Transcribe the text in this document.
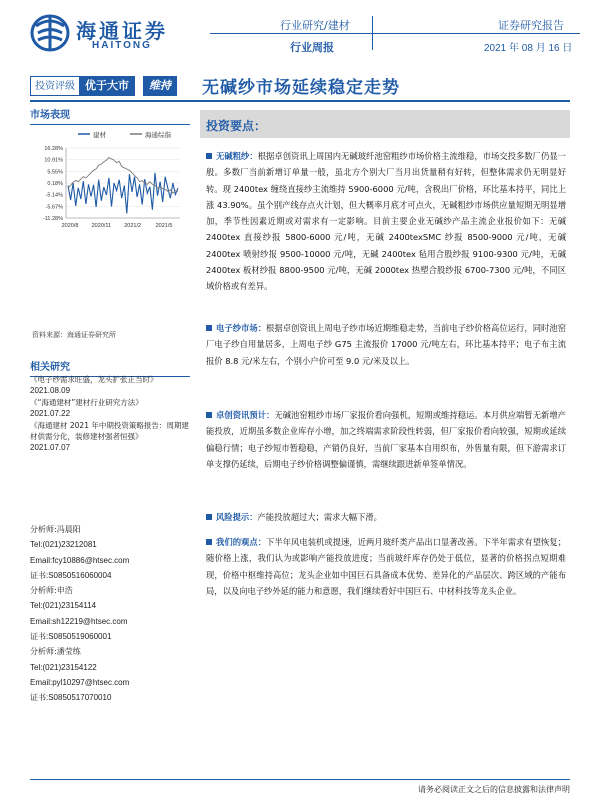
海通证券
HAITONG
行业研究/建材
行业周报
证券研究报告
2021 年 08 月 16 日
投资评级 优于大市	维持	无碱纱市场延续稳定走势
市场表现
建材	海通综指
16.28%
10.91%
5.55%
0.18%
-5.14%
-5.67%
-11.28%
2020/8 2020/11 2021/2	2021/5
资料来源：海通证券研究所
相关研究
《电子纱需求旺盛，龙头扩张正当时》
2021.08.09
《“海通建材”建材行业研究方法》
2021.07.22
《海通建材 2021 年中期投资策略报告：周期建材供需分化，装修建材强者恒强》
2021.07.07
分析师:冯晨阳
Tel:(021)23212081
Email:fcy10886@htsec.com
证书:S0850516060004
分析师:申浩
Tel:(021)23154114
Email:sh12219@htsec.com
证书:S0850519060001
分析师:潘莹练
Tel:(021)23154122
Email:pyl10297@htsec.com
证书:S0850517070010
投资要点：
无碱粗纱：根据卓创资讯上周国内无碱玻纤池窑粗纱市场价格主流维稳，市场交投多数厂仍显一般。多数厂当前新增订单量一般，虽北方个别大厂当月出货量稍有好转，但整体需求仍无明显好转。现 2400tex 缠绕直接纱主流维持 5900-6000 元/吨，含税出厂价格，环比基本持平，同比上涨 43.90%。虽个别产线存点火计划，但大概率月底才可点火，无碱粗纱市场供应量短期无明显增加，季节性因素近期或对需求有一定影响。目前主要企业无碱纱产品主流企业报价如下：无碱 2400tex 直接纱报 5800-6000 元/吨，无碱 2400texSMC 纱报 8500-9000 元/吨，无碱 2400tex 喷射纱报 9500-10000 元/吨，无碱 2400tex 毡用合股纱报 9100-9300 元/吨，无碱 2400tex 板材纱报 8800-9500 元/吨，无碱 2000tex 热塑合股纱报 6700-7300 元/吨，不同区域价格或有差异。
电子纱市场：根据卓创资讯上周电子纱市场近期维稳走势，当前电子纱价格高位运行，同时池窑厂电子纱自用量居多，上周电子纱 G75 主流报价 17000 元/吨左右，环比基本持平；电子布主流报价 8.8 元/米左右，个别小户价可至 9.0 元/米及以上。
卓创资讯预计：无碱池窑粗纱市场厂家报价看向强机，短期或维持稳运。本月供应端暂无新增产能投放，近期虽多数企业库存小增，加之终端需求阶段性转弱，但厂家报价看向较强，短期或延续偏稳行情；电子纱短市暂稳稳，产销仍良好，当前厂家基本自用织布，外售量有限，但下游需求订单支撑仍延续，后期电子纱价格调整偏谨慎，需继续跟进新单签单情况。
我们的观点：下半年风电装机或提速，近两月玻纤类产品出口显著改善。下半年需求有望恢复；随价格上涨，我们认为或影响产能投放进度；当前玻纤库存仍处于低位，显著的价格拐点短期难现，价格中枢维持高位；龙头企业如中国巨石具备成本优势、差异化的产品层次、跨区域的产能布局，以及向电子纱外延的能力和意愿，我们继续看好中国巨石、中材科技等龙头企业。
风险提示：产能投放超过大；需求大幅下滑。
请务必阅读正文之后的信息披露和法律声明
